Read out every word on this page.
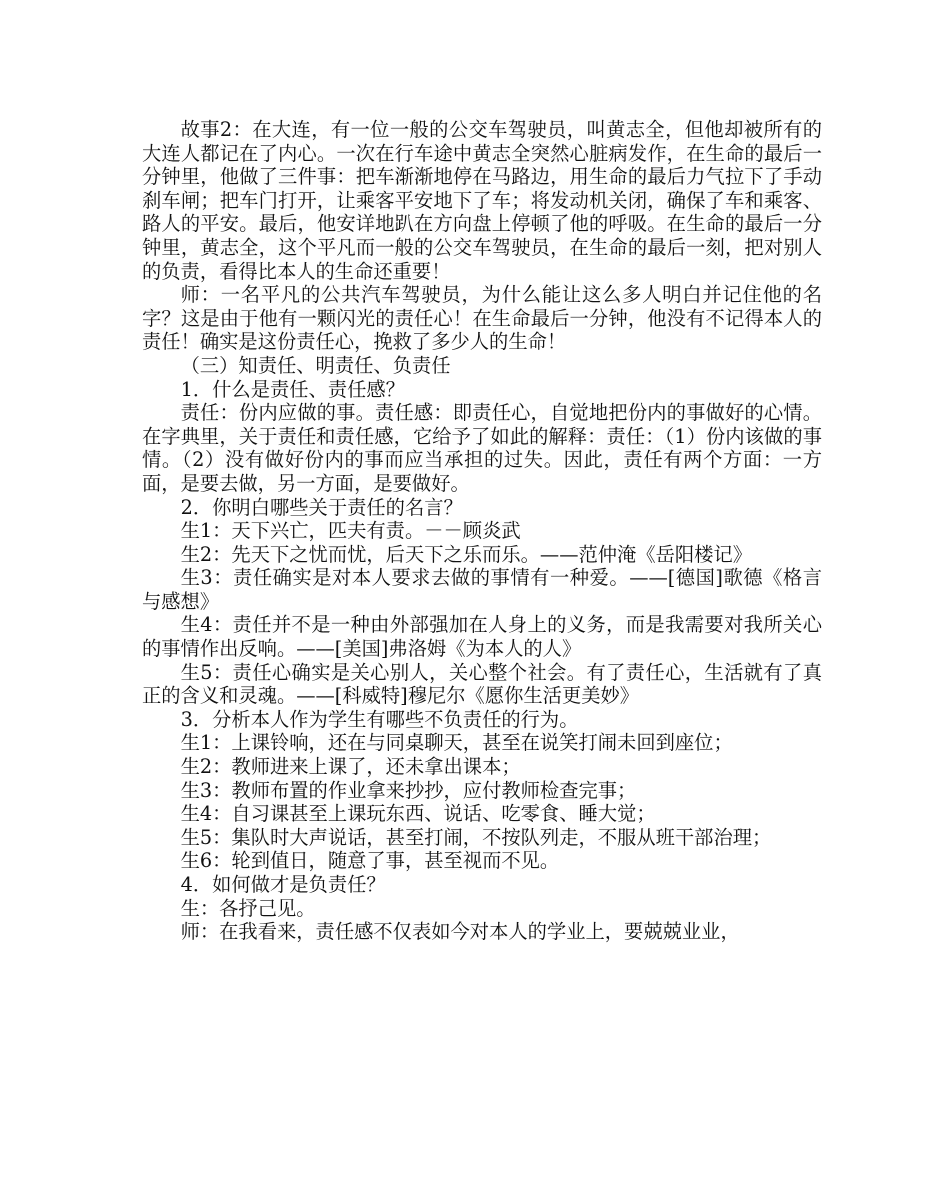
故事2：在大连，有一位一般的公交车驾驶员，叫黄志全，但他却被所有的大连人都记在了内心。一次在行车途中黄志全突然心脏病发作，在生命的最后一分钟里，他做了三件事：把车渐渐地停在马路边，用生命的最后力气拉下了手动刹车闸；把车门打开，让乘客平安地下了车；将发动机关闭，确保了车和乘客、路人的平安。最后，他安详地趴在方向盘上停顿了他的呼吸。在生命的最后一分钟里，黄志全，这个平凡而一般的公交车驾驶员，在生命的最后一刻，把对别人的负责，看得比本人的生命还重要！

师：一名平凡的公共汽车驾驶员，为什么能让这么多人明白并记住他的名字？这是由于他有一颗闪光的责任心！在生命最后一分钟，他没有不记得本人的责任！确实是这份责任心，挽救了多少人的生命！

（三）知责任、明责任、负责任

1．什么是责任、责任感？

责任：份内应做的事。责任感：即责任心，自觉地把份内的事做好的心情。在字典里，关于责任和责任感，它给予了如此的解释：责任：（1）份内该做的事情。（2）没有做好份内的事而应当承担的过失。因此，责任有两个方面：一方面，是要去做，另一方面，是要做好。

2．你明白哪些关于责任的名言？

生1：天下兴亡，匹夫有责。－－顾炎武

生2：先天下之忧而忧，后天下之乐而乐。——范仲淹《岳阳楼记》

生3：责任确实是对本人要求去做的事情有一种爱。——[德国]歌德《格言与感想》

生4：责任并不是一种由外部强加在人身上的义务，而是我需要对我所关心的事情作出反响。——[美国]弗洛姆《为本人的人》

生5：责任心确实是关心别人，关心整个社会。有了责任心，生活就有了真正的含义和灵魂。——[科威特]穆尼尔《愿你生活更美妙》

3．分析本人作为学生有哪些不负责任的行为。

生1：上课铃响，还在与同桌聊天，甚至在说笑打闹未回到座位；

生2：教师进来上课了，还未拿出课本；

生3：教师布置的作业拿来抄抄，应付教师检查完事；

生4：自习课甚至上课玩东西、说话、吃零食、睡大觉；

生5：集队时大声说话，甚至打闹，不按队列走，不服从班干部治理；

生6：轮到值日，随意了事，甚至视而不见。

4．如何做才是负责任？

生：各抒己见。

师：在我看来，责任感不仅表如今对本人的学业上，要兢兢业业，
